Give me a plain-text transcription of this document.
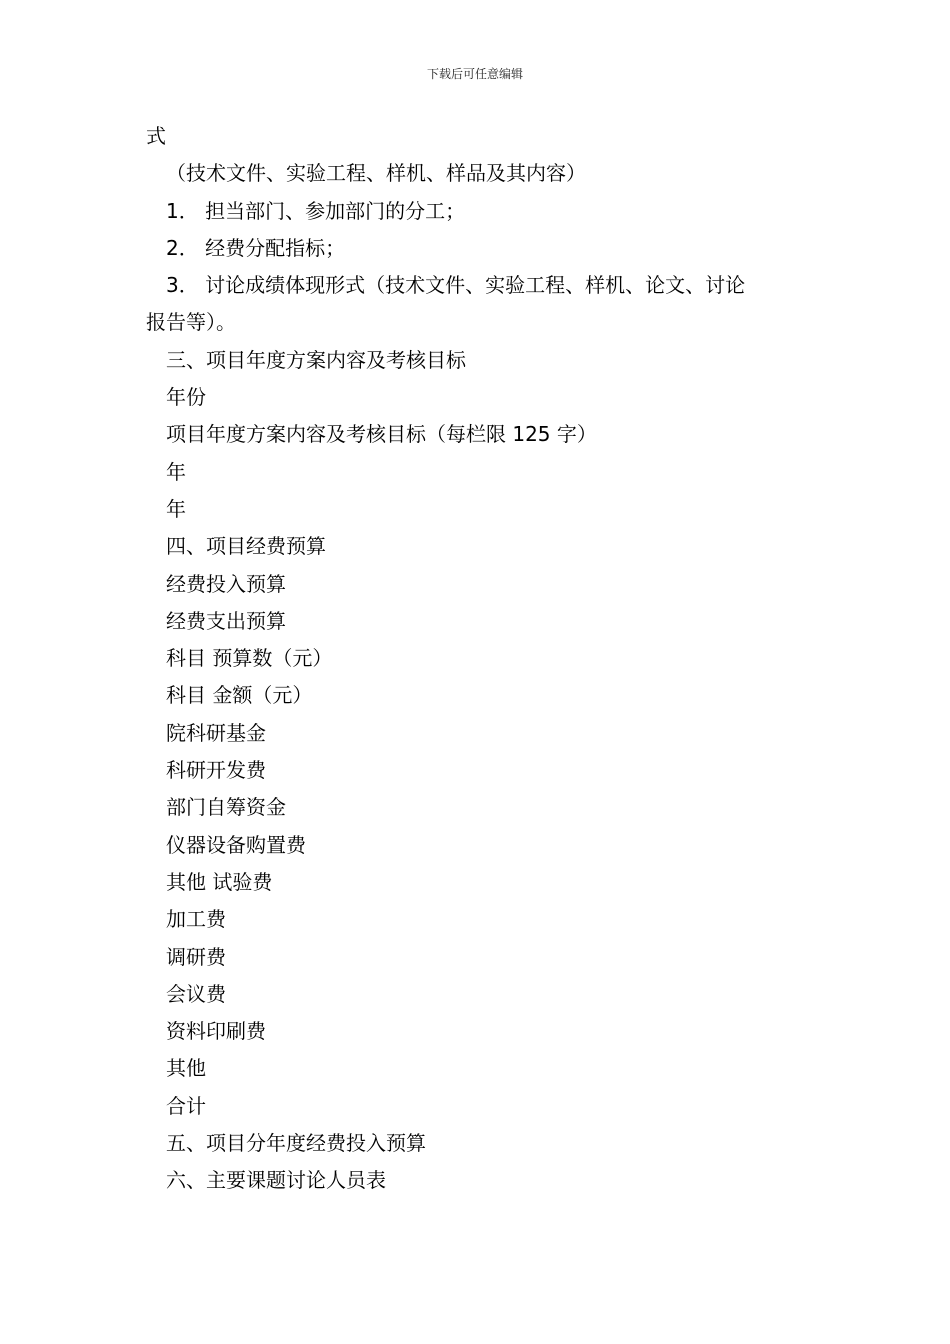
下载后可任意编辑

式

（技术文件、实验工程、样机、样品及其内容）

1． 担当部门、参加部门的分工；

2． 经费分配指标；

3． 讨论成绩体现形式（技术文件、实验工程、样机、论文、讨论

报告等）。

三、项目年度方案内容及考核目标

年份

项目年度方案内容及考核目标（每栏限 125 字）

年

年

四、项目经费预算

经费投入预算

经费支出预算

科目 预算数（元）

科目 金额（元）

院科研基金

科研开发费

部门自筹资金

仪器设备购置费

其他 试验费

加工费

调研费

会议费

资料印刷费

其他

合计

五、项目分年度经费投入预算

六、主要课题讨论人员表
